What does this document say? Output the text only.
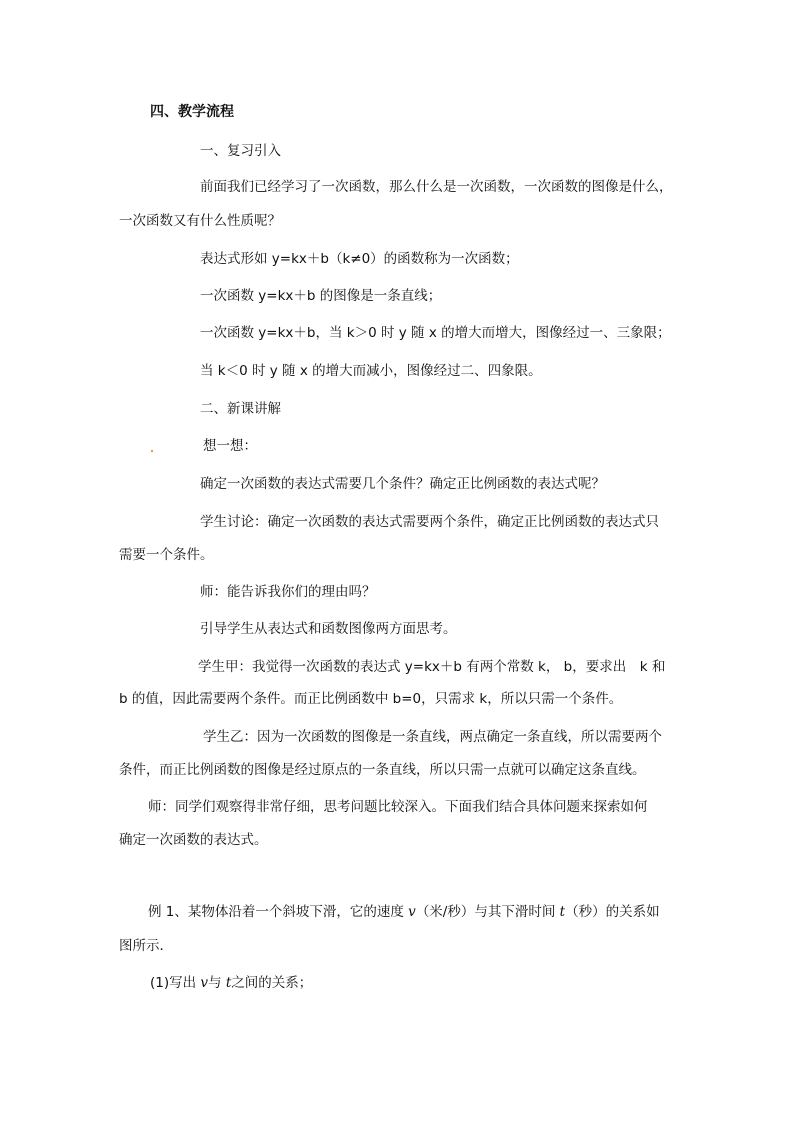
四、教学流程
一、复习引入
前面我们已经学习了一次函数，那么什么是一次函数，一次函数的图像是什么，
一次函数又有什么性质呢？
表达式形如 y=kx＋b（k≠0）的函数称为一次函数；
一次函数 y=kx＋b 的图像是一条直线；
一次函数 y=kx＋b，当 k＞0 时 y 随 x 的增大而增大，图像经过一、三象限；
当 k＜0 时 y 随 x 的增大而减小，图像经过二、四象限。
二、新课讲解
想一想：
确定一次函数的表达式需要几个条件？确定正比例函数的表达式呢？
学生讨论：确定一次函数的表达式需要两个条件，确定正比例函数的表达式只
需要一个条件。
师：能告诉我你们的理由吗？
引导学生从表达式和函数图像两方面思考。
学生甲：我觉得一次函数的表达式 y=kx＋b 有两个常数 k， b，要求出　k 和
b 的值，因此需要两个条件。而正比例函数中 b=0，只需求 k，所以只需一个条件。
学生乙：因为一次函数的图像是一条直线，两点确定一条直线，所以需要两个
条件，而正比例函数的图像是经过原点的一条直线，所以只需一点就可以确定这条直线。
师：同学们观察得非常仔细，思考问题比较深入。下面我们结合具体问题来探索如何
确定一次函数的表达式。
例 1、某物体沿着一个斜坡下滑，它的速度 v（米/秒）与其下滑时间 t（秒）的关系如
图所示．
(1)写出 v与 t之间的关系；
